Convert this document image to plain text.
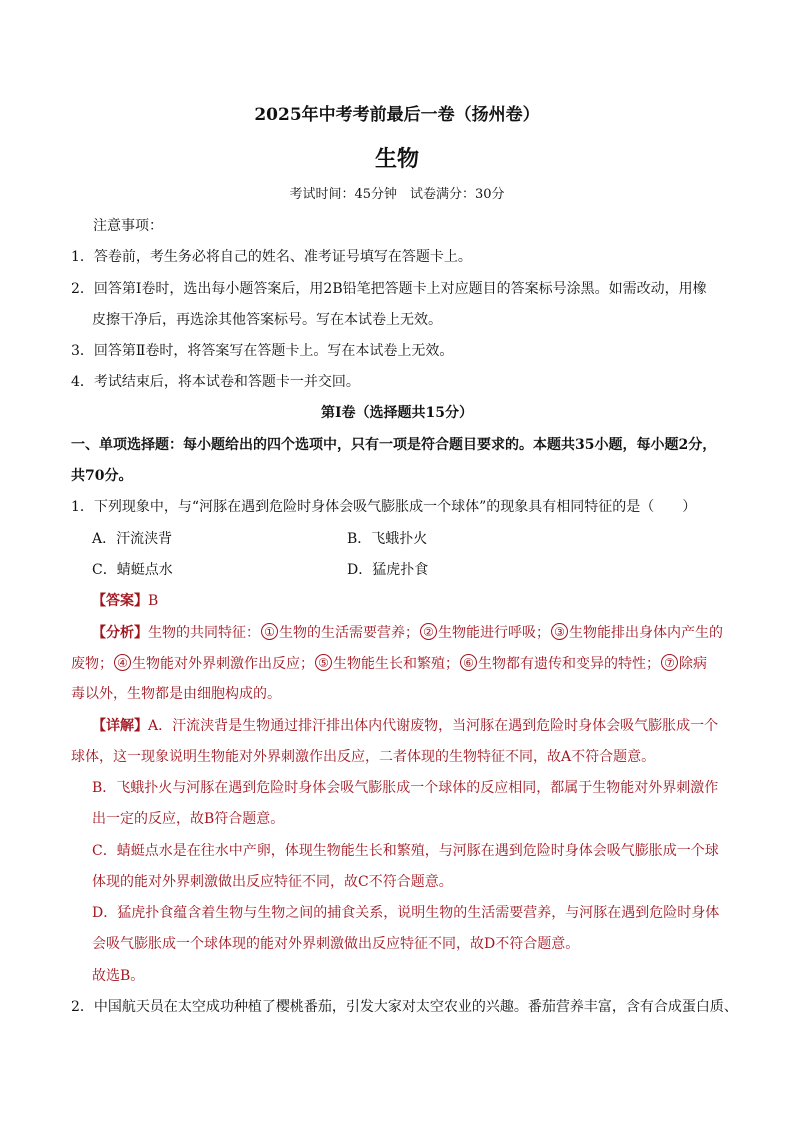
2025年中考考前最后一卷（扬州卷）
生物
考试时间：45分钟　试卷满分：30分
注意事项：
1．答卷前，考生务必将自己的姓名、准考证号填写在答题卡上。
2．回答第Ⅰ卷时，选出每小题答案后，用2B铅笔把答题卡上对应题目的答案标号涂黑。如需改动，用橡
皮擦干净后，再选涂其他答案标号。写在本试卷上无效。
3．回答第Ⅱ卷时，将答案写在答题卡上。写在本试卷上无效。
4．考试结束后，将本试卷和答题卡一并交回。
第Ⅰ卷（选择题共15分）
一、单项选择题：每小题给出的四个选项中，只有一项是符合题目要求的。本题共35小题，每小题2分，
共70分。
1．下列现象中，与“河豚在遇到危险时身体会吸气膨胀成一个球体”的现象具有相同特征的是（　　）
A．汗流浃背	B．飞蛾扑火
C．蜻蜓点水	D．猛虎扑食
【答案】B
【分析】生物的共同特征： ① 生物的生活需要营养； ② 生物能进行呼吸； ③ 生物能排出身体内产生的
废物； ④ 生物能对外界刺激作出反应； ⑤ 生物能生长和繁殖； ⑥ 生物都有遗传和变异的特性； ⑦ 除病
毒以外，生物都是由细胞构成的。
【详解】A．汗流浃背是生物通过排汗排出体内代谢废物，当河豚在遇到危险时身体会吸气膨胀成一个
球体，这一现象说明生物能对外界刺激作出反应，二者体现的生物特征不同，故A不符合题意。
B．飞蛾扑火与河豚在遇到危险时身体会吸气膨胀成一个球体的反应相同，都属于生物能对外界刺激作
出一定的反应，故B符合题意。
C．蜻蜓点水是在往水中产卵，体现生物能生长和繁殖，与河豚在遇到危险时身体会吸气膨胀成一个球
体现的能对外界刺激做出反应特征不同，故C不符合题意。
D．猛虎扑食蕴含着生物与生物之间的捕食关系，说明生物的生活需要营养，与河豚在遇到危险时身体
会吸气膨胀成一个球体现的能对外界刺激做出反应特征不同，故D不符合题意。
故选B。
2．中国航天员在太空成功种植了樱桃番茄，引发大家对太空农业的兴趣。番茄营养丰富，含有合成蛋白质、
